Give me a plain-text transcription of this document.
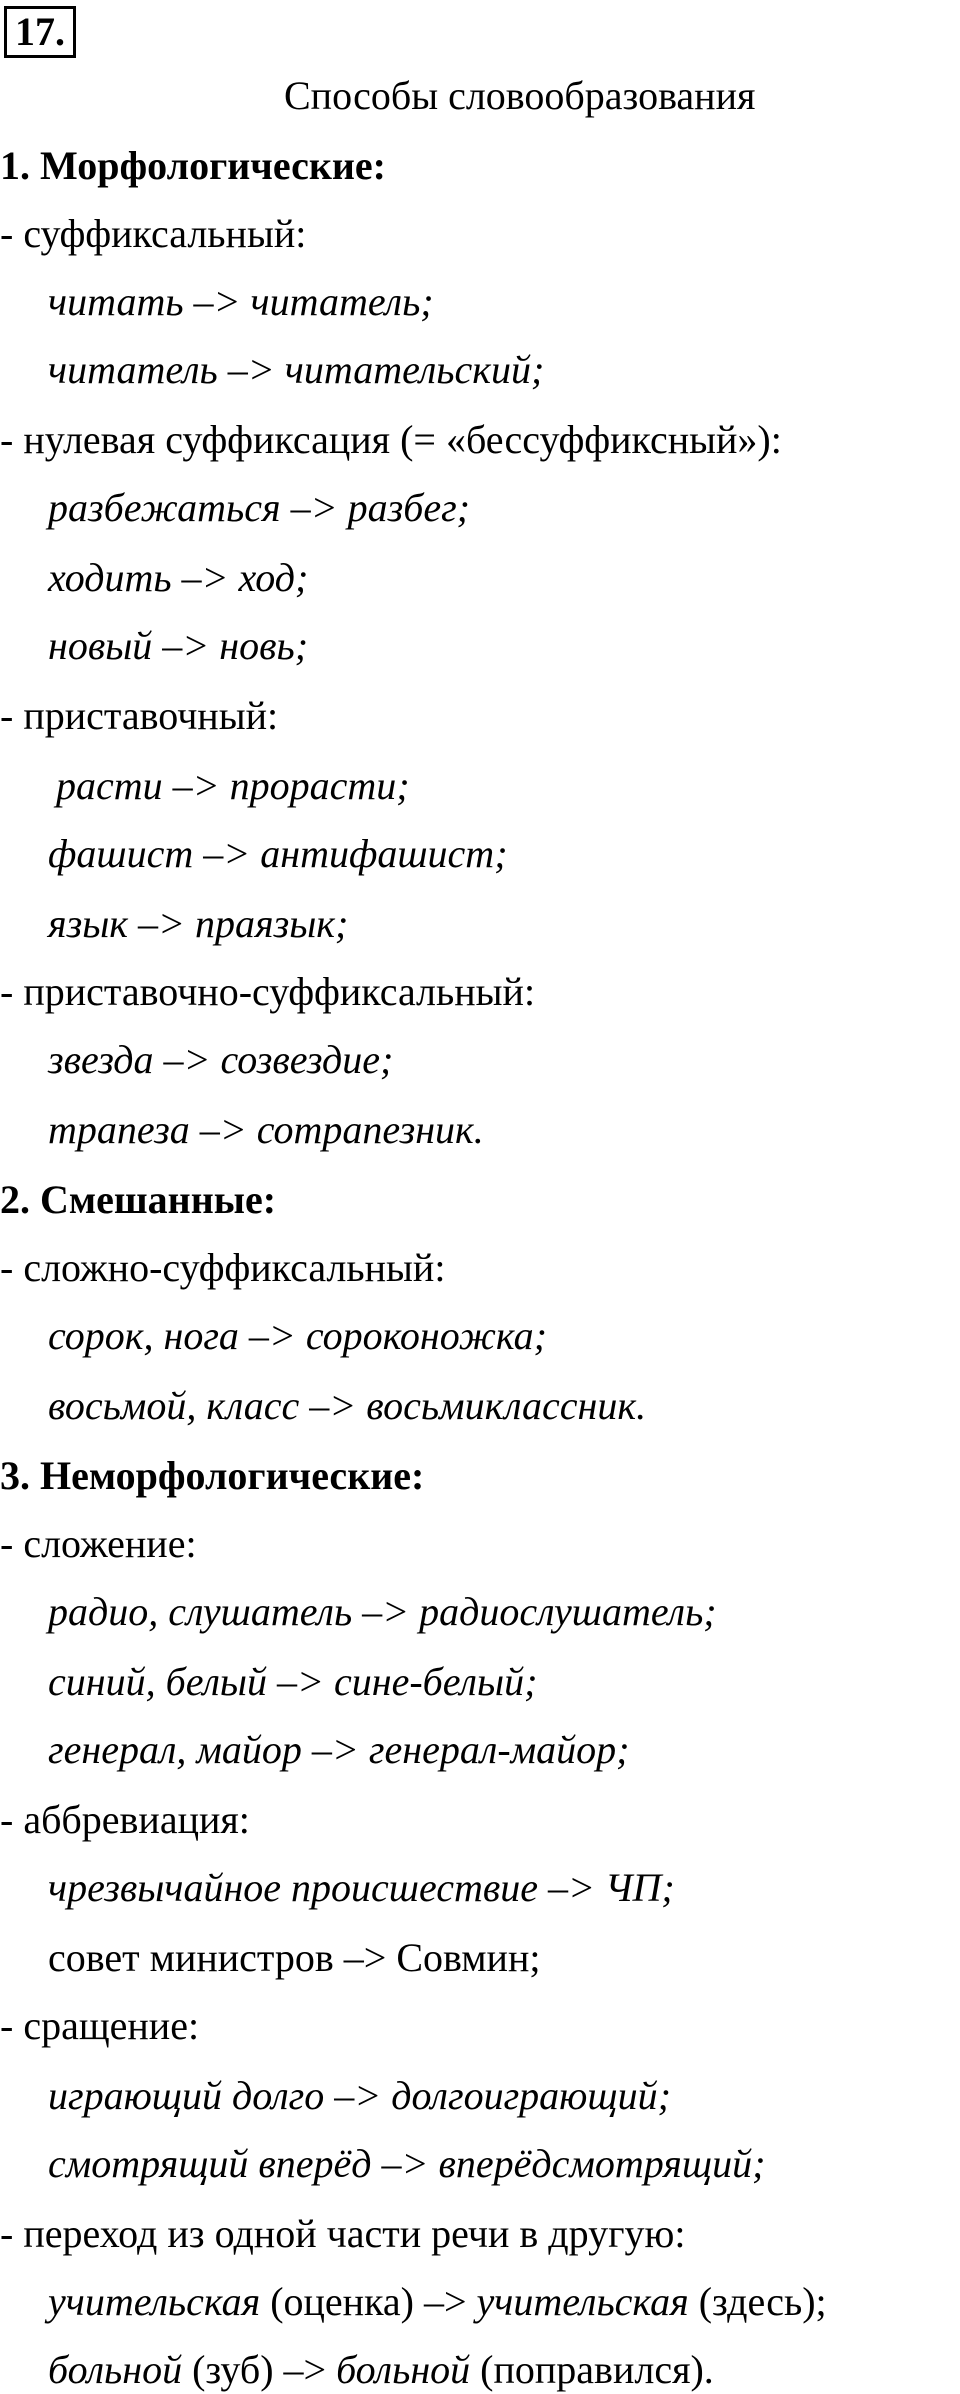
17.
Способы словообразования
1. Морфологические:
- суффиксальный:
читать –> читатель;
читатель –> читательский;
- нулевая суффиксация (= «бессуффиксный»):
разбежаться –> разбег;
ходить –> ход;
новый –> новь;
- приставочный:
расти –> прорасти;
фашист –> антифашист;
язык –> праязык;
- приставочно-суффиксальный:
звезда –> созвездие;
трапеза –> сотрапезник.
2. Смешанные:
- сложно-суффиксальный:
сорок, нога –> сороконожка;
восьмой, класс –> восьмиклассник.
3. Неморфологические:
- сложение:
радио, слушатель –> радиослушатель;
синий, белый –> сине-белый;
генерал, майор –> генерал-майор;
- аббревиация:
чрезвычайное происшествие –> ЧП;
совет министров –> Совмин;
- сращение:
играющий долго –> долгоиграющий;
смотрящий вперёд –> вперёдсмотрящий;
- переход из одной части речи в другую:
учительская (оценка) –> учительская (здесь);
больной (зуб) –> больной (поправился).
